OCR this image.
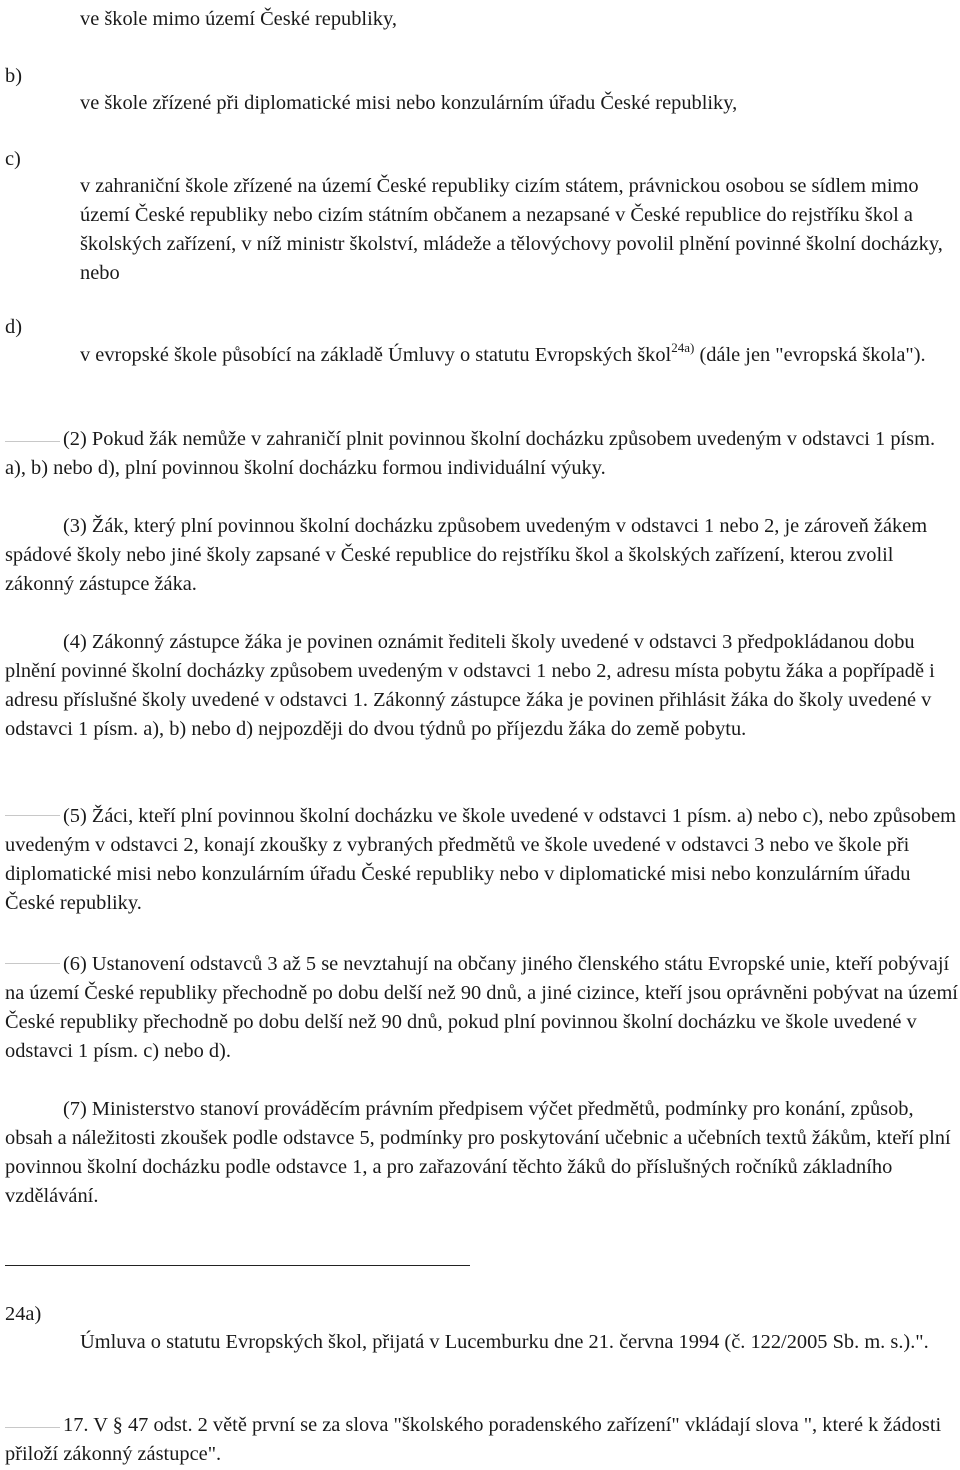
ve škole mimo území České republiky,
b)
ve škole zřízené při diplomatické misi nebo konzulárním úřadu České republiky,
c)
v zahraniční škole zřízené na území České republiky cizím státem, právnickou osobou se sídlem mimo území České republiky nebo cizím státním občanem a nezapsané v České republice do rejstříku škol a školských zařízení, v níž ministr školství, mládeže a tělovýchovy povolil plnění povinné školní docházky, nebo
d)
v evropské škole působící na základě Úmluvy o statutu Evropských škol$^{24a)}$ (dále jen "evropská škola").
(2) Pokud žák nemůže v zahraničí plnit povinnou školní docházku způsobem uvedeným v odstavci 1 písm. a), b) nebo d), plní povinnou školní docházku formou individuální výuky.
(3) Žák, který plní povinnou školní docházku způsobem uvedeným v odstavci 1 nebo 2, je zároveň žákem spádové školy nebo jiné školy zapsané v České republice do rejstříku škol a školských zařízení, kterou zvolil zákonný zástupce žáka.
(4) Zákonný zástupce žáka je povinen oznámit řediteli školy uvedené v odstavci 3 předpokládanou dobu plnění povinné školní docházky způsobem uvedeným v odstavci 1 nebo 2, adresu místa pobytu žáka a popřípadě i adresu příslušné školy uvedené v odstavci 1. Zákonný zástupce žáka je povinen přihlásit žáka do školy uvedené v odstavci 1 písm. a), b) nebo d) nejpozději do dvou týdnů po příjezdu žáka do země pobytu.
(5) Žáci, kteří plní povinnou školní docházku ve škole uvedené v odstavci 1 písm. a) nebo c), nebo způsobem uvedeným v odstavci 2, konají zkoušky z vybraných předmětů ve škole uvedené v odstavci 3 nebo ve škole při diplomatické misi nebo konzulárním úřadu České republiky nebo v diplomatické misi nebo konzulárním úřadu České republiky.
(6) Ustanovení odstavců 3 až 5 se nevztahují na občany jiného členského státu Evropské unie, kteří pobývají na území České republiky přechodně po dobu delší než 90 dnů, a jiné cizince, kteří jsou oprávněni pobývat na území České republiky přechodně po dobu delší než 90 dnů, pokud plní povinnou školní docházku ve škole uvedené v odstavci 1 písm. c) nebo d).
(7) Ministerstvo stanoví prováděcím právním předpisem výčet předmětů, podmínky pro konání, způsob, obsah a náležitosti zkoušek podle odstavce 5, podmínky pro poskytování učebnic a učebních textů žákům, kteří plní povinnou školní docházku podle odstavce 1, a pro zařazování těchto žáků do příslušných ročníků základního vzdělávání.
24a)
Úmluva o statutu Evropských škol, přijatá v Lucemburku dne 21. června 1994 (č. 122/2005 Sb. m. s.).".
17. V § 47 odst. 2 větě první se za slova "školského poradenského zařízení" vkládají slova ", které k žádosti přiloží zákonný zástupce".
